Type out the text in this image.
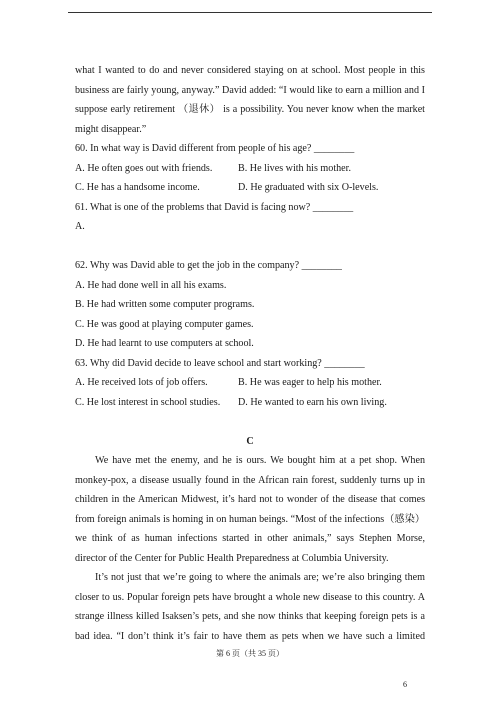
what I wanted to do and never considered staying on at school. Most people in this
business are fairly young, anyway.” David added: “I would like to earn a million and I
suppose early retirement （退休） is a possibility. You never know when the market
might disappear.”
60. In what way is David different from people of his age? ________
A. He often goes out with friends.	B. He lives with his mother.
C. He has a handsome income.	D. He graduated with six O-levels.
61. What is one of the problems that David is facing now? ________
A.
62. Why was David able to get the job in the company? ________
A. He had done well in all his exams.
B. He had written some computer programs.
C. He was good at playing computer games.
D. He had learnt to use computers at school.
63. Why did David decide to leave school and start working? ________
A. He received lots of job offers.	B. He was eager to help his mother.
C. He lost interest in school studies.	D. He wanted to earn his own living.
C
We have met the enemy, and he is ours. We bought him at a pet shop. When
monkey-pox, a disease usually found in the African rain forest, suddenly turns up in
children in the American Midwest, it’s hard not to wonder of the disease that comes
from foreign animals is homing in on human beings. “Most of the infections（感染）
we think of as human infections started in other animals,” says Stephen Morse,
director of the Center for Public Health Preparedness at Columbia University.
It’s not just that we’re going to where the animals are; we’re also bringing them
closer to us. Popular foreign pets have brought a whole new disease to this country. A
strange illness killed Isaksen’s pets, and she now thinks that keeping foreign pets is a
bad idea. “I don’t think it’s fair to have them as pets when we have such a limited
第 6 页（共 35 页）
6
